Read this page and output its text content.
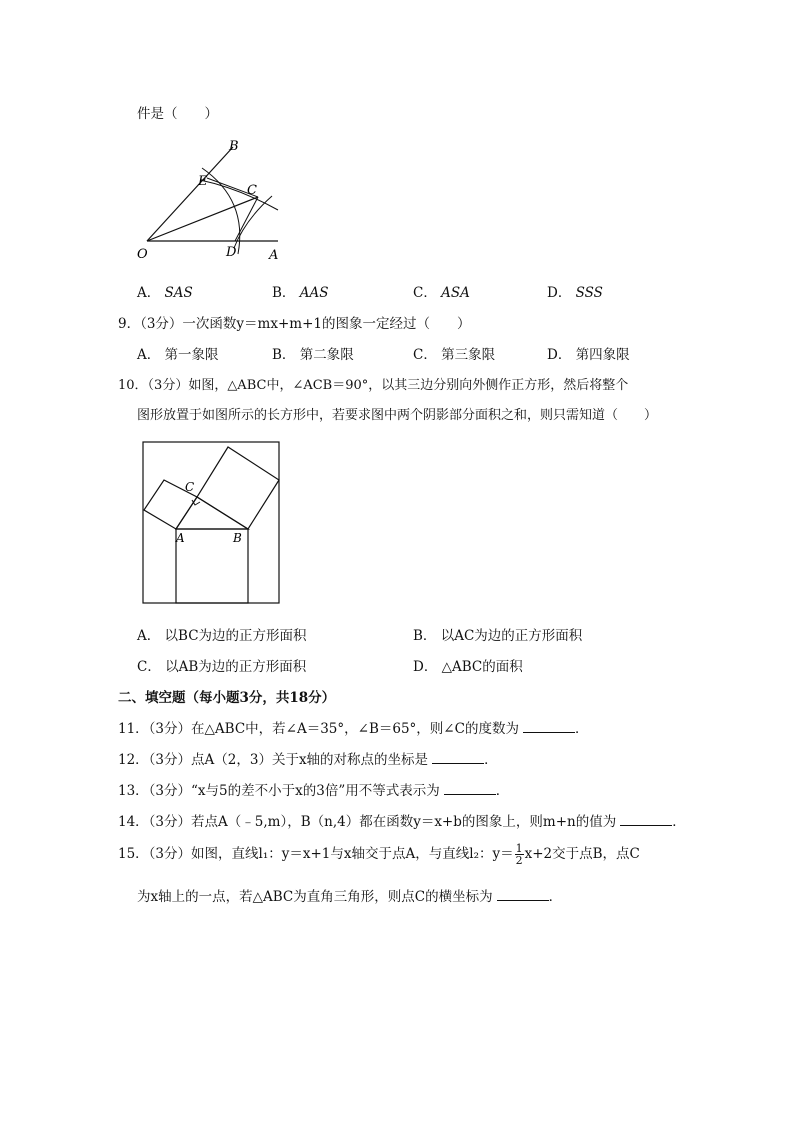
件是（　　）
B
E
C
O	D	A
A． SAS	B． AAS	C． ASA	D． SSS
9．（3分）一次函数y＝mx+m+1的图象一定经过（　　）
A． 第一象限	B． 第二象限	C． 第三象限	D． 第四象限
10．（3分）如图，△ABC中，∠ACB＝90°，以其三边分别向外侧作正方形，然后将整个
图形放置于如图所示的长方形中，若要求图中两个阴影部分面积之和，则只需知道（　　）
C
A	B
A． 以BC为边的正方形面积	B． 以AC为边的正方形面积
C． 以AB为边的正方形面积	D． △ABC的面积
二、填空题（每小题3分，共18分）
11．（3分）在△ABC中，若∠A＝35°，∠B＝65°，则∠C的度数为	．
12．（3分）点A（2，3）关于x轴的对称点的坐标是	．
13．（3分）“x与5的差不小于x的3倍”用不等式表示为	．
14．（3分）若点A（﹣5,m），B（n,4）都在函数y＝x+b的图象上，则m+n的值为	．
15．（3分）如图，直线l₁：y＝x+1与x轴交于点A，与直线l₂：$y= \frac{1}{2} x+2$交于点B，点C
为x轴上的一点，若△ABC为直角三角形，则点C的横坐标为	．
